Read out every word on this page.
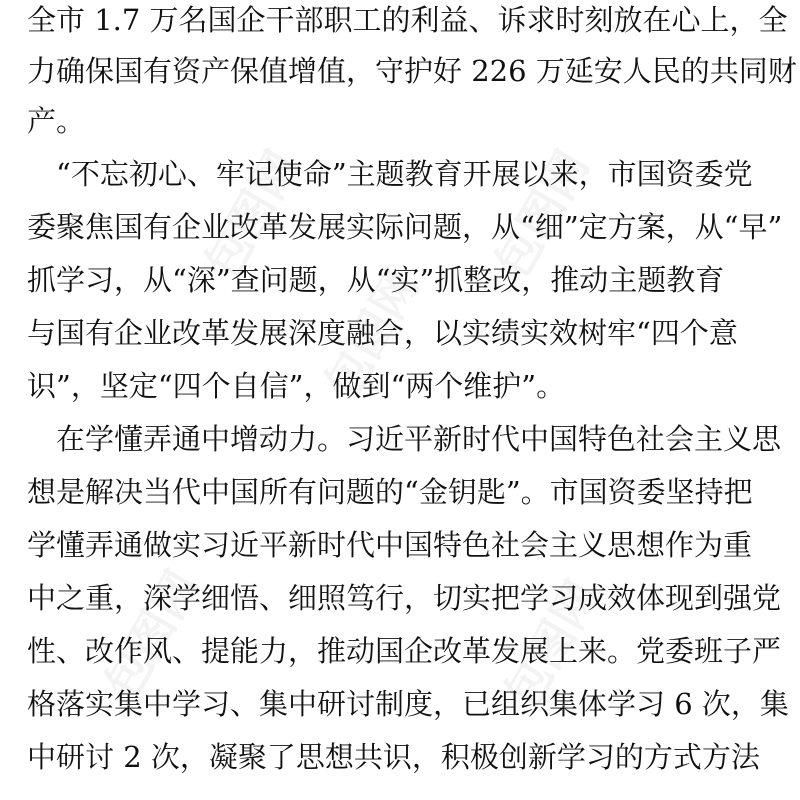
包图网	包图网
包图网
包图网	包图网

全市 1.7 万名国企干部职工的利益、诉求时刻放在心上，全

力确保国有资产保值增值，守护好 226 万延安人民的共同财

产。

　“不忘初心、牢记使命”主题教育开展以来，市国资委党

委聚焦国有企业改革发展实际问题，从“细”定方案，从“早”

抓学习，从“深”查问题，从“实”抓整改，推动主题教育

与国有企业改革发展深度融合，以实绩实效树牢“四个意

识”，坚定“四个自信”，做到“两个维护”。

　在学懂弄通中增动力。习近平新时代中国特色社会主义思

想是解决当代中国所有问题的“金钥匙”。市国资委坚持把

学懂弄通做实习近平新时代中国特色社会主义思想作为重

中之重，深学细悟、细照笃行，切实把学习成效体现到强党

性、改作风、提能力，推动国企改革发展上来。党委班子严

格落实集中学习、集中研讨制度，已组织集体学习 6 次，集

中研讨 2 次，凝聚了思想共识，积极创新学习的方式方法
